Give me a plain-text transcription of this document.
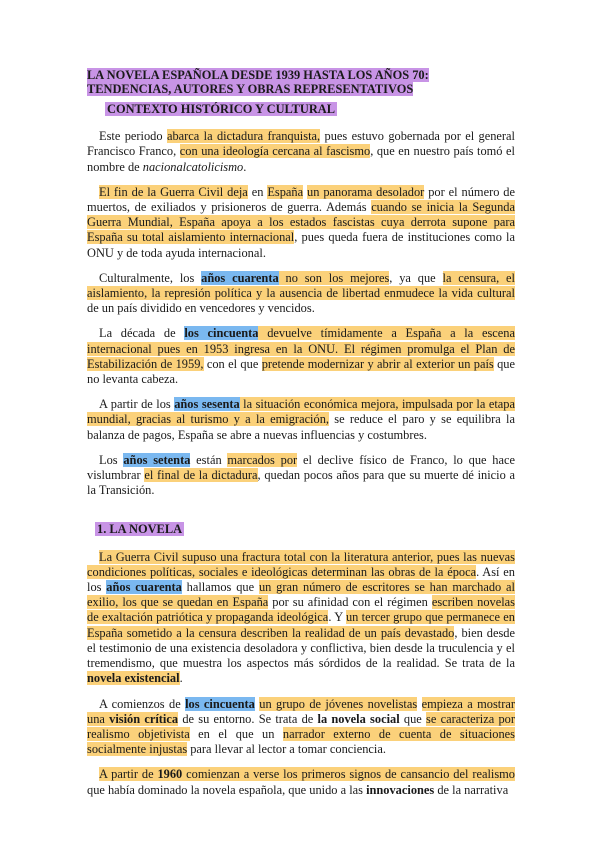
LA NOVELA ESPAÑOLA DESDE 1939 HASTA LOS AÑOS 70: TENDENCIAS, AUTORES Y OBRAS REPRESENTATIVOS
CONTEXTO HISTÓRICO Y CULTURAL

Este periodo abarca la dictadura franquista, pues estuvo gobernada por el general Francisco Franco, con una ideología cercana al fascismo, que en nuestro país tomó el nombre de nacionalcatolicismo.

El fin de la Guerra Civil deja en España un panorama desolador por el número de muertos, de exiliados y prisioneros de guerra. Además cuando se inicia la Segunda Guerra Mundial, España apoya a los estados fascistas cuya derrota supone para España su total aislamiento internacional, pues queda fuera de instituciones como la ONU y de toda ayuda internacional.

Culturalmente, los años cuarenta no son los mejores, ya que la censura, el aislamiento, la represión política y la ausencia de libertad enmudece la vida cultural de un país dividido en vencedores y vencidos.

La década de los cincuenta devuelve tímidamente a España a la escena internacional pues en 1953 ingresa en la ONU. El régimen promulga el Plan de Estabilización de 1959, con el que pretende modernizar y abrir al exterior un país que no levanta cabeza.

A partir de los años sesenta la situación económica mejora, impulsada por la etapa mundial, gracias al turismo y a la emigración, se reduce el paro y se equilibra la balanza de pagos, España se abre a nuevas influencias y costumbres.

Los años setenta están marcados por el declive físico de Franco, lo que hace vislumbrar el final de la dictadura, quedan pocos años para que su muerte dé inicio a la Transición.

1. LA NOVELA

La Guerra Civil supuso una fractura total con la literatura anterior, pues las nuevas condiciones políticas, sociales e ideológicas determinan las obras de la época. Así en los años cuarenta hallamos que un gran número de escritores se han marchado al exilio, los que se quedan en España por su afinidad con el régimen escriben novelas de exaltación patriótica y propaganda ideológica. Y un tercer grupo que permanece en España sometido a la censura describen la realidad de un país devastado, bien desde el testimonio de una existencia desoladora y conflictiva, bien desde la truculencia y el tremendismo, que muestra los aspectos más sórdidos de la realidad. Se trata de la novela existencial.

A comienzos de los cincuenta un grupo de jóvenes novelistas empieza a mostrar una visión crítica de su entorno. Se trata de la novela social que se caracteriza por realismo objetivista en el que un narrador externo de cuenta de situaciones socialmente injustas para llevar al lector a tomar conciencia.

A partir de 1960 comienzan a verse los primeros signos de cansancio del realismo que había dominado la novela española, que unido a las innovaciones de la narrativa
